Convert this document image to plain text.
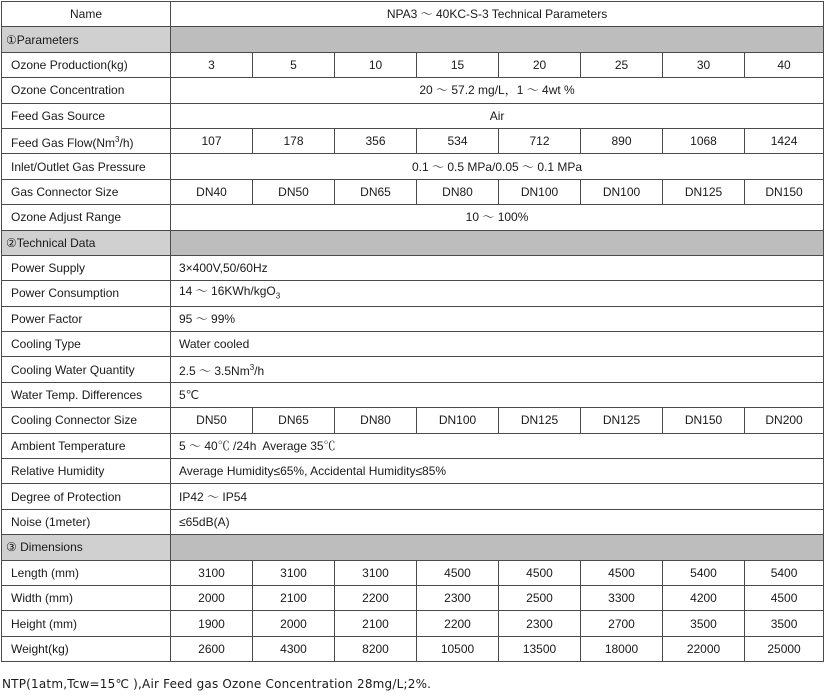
Name	NPA3 ～ 40KC-S-3 Technical Parameters							
①Parameters								
Ozone Production(kg)	3	5	10	15	20	25	30	40
Ozone Concentration	20 ～ 57.2 mg/L，1 ～ 4wt %							
Feed Gas Source	Air							
Feed Gas Flow(Nm$^3$/h)	107	178	356	534	712	890	1068	1424
Inlet/Outlet Gas Pressure	0.1 ～ 0.5 MPa/0.05 ～ 0.1 MPa							
Gas Connector Size	DN40	DN50	DN65	DN80	DN100	DN100	DN125	DN150
Ozone Adjust Range	10 ～ 100%							
②Technical Data								
Power Supply	3×400V,50/60Hz							
Power Consumption	14 ～ 16KWh/kgO$_3$
Power Factor	95 ～ 99%							
Cooling Type	Water cooled							
Cooling Water Quantity	2.5 ～ 3.5Nm$^3$/h							
Water Temp. Differences	5℃							
Cooling Connector Size	DN50	DN65	DN80	DN100	DN125	DN125	DN150	DN200
Ambient Temperature	5 ～ 40℃ /24h  Average 35℃							
Relative Humidity	Average Humidity≤65%, Accidental Humidity≤85%							
Degree of Protection	IP42 ～ IP54							
Noise (1meter)	≤65dB(A)							
③ Dimensions								
Length (mm)	3100	3100	3100	4500	4500	4500	5400	5400
Width (mm)	2000	2100	2200	2300	2500	3300	4200	4500
Height (mm)	1900	2000	2100	2200	2300	2700	3500	3500
Weight(kg)	2600	4300	8200	10500	13500	18000	22000	25000
NTP(1atm,Tcw=15℃ ),Air Feed gas Ozone Concentration 28mg/L;2%.
